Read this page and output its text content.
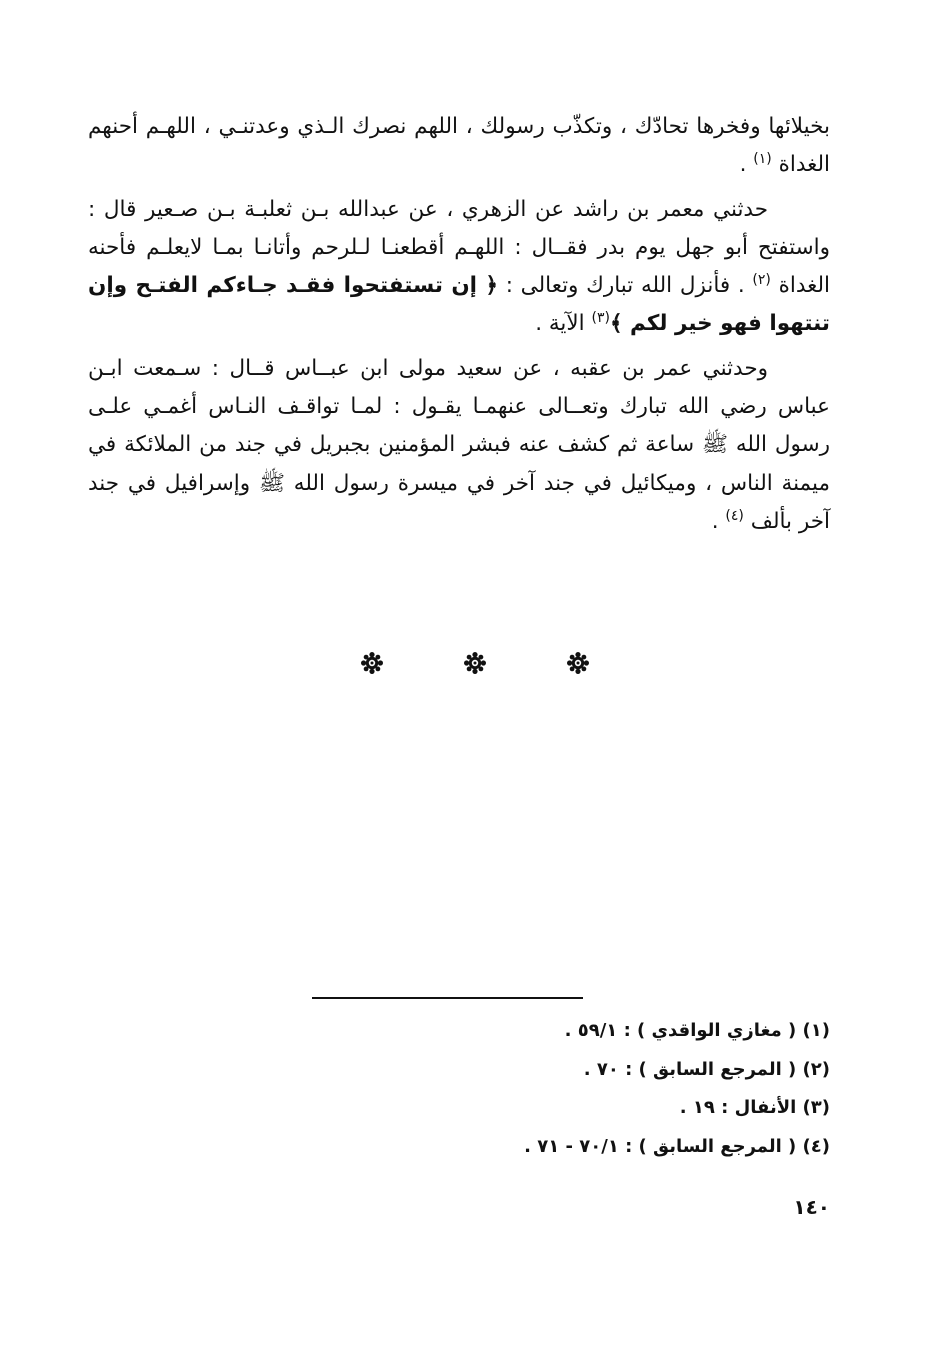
بخيلائها وفخرها تحادّك ، وتكذّب رسولك ، اللهم نصرك الـذي وعدتنـي ، اللهـم أحنهم الغداة $^{(١)}$ .

حدثني معمر بن راشد عن الزهري ، عن عبدالله بـن ثعلبـة بـن صـعير قال : واستفتح أبو جهل يوم بدر فقــال : اللهـم أقطعنـا لـلرحم وأتانـا بمـا لايعلـم فأحنه الغداة $^{(٢)}$ . فأنزل الله تبارك وتعالى : ﴿ إن تستفتحوا فقـد جـاءكم الفتـح وإن تنتهوا فهو خير لكم ﴾$^{(٣)}$ الآية .

وحدثني عمر بن عقبه ، عن سعيد مولى ابن عبــاس قــال : سـمعت ابـن عباس رضي الله تبارك وتعــالى عنهمـا يقـول : لمـا تواقـف النـاس أغمـي علـى رسول الله ﷺ ساعة ثم كشف عنه فبشر المؤمنين بجبريل في جند من الملائكة في ميمنة الناس ، وميكائيل في جند آخر في ميسرة رسول الله ﷺ وإسرافيل في جند آخر بألف $^{(٤)}$ .

(١) ( مغازي الواقدي ) : ٥٩/١ .
(٢) ( المرجع السابق ) : ٧٠ .
(٣) الأنفال : ١٩ .
(٤) ( المرجع السابق ) : ٧٠/١ - ٧١ .
١٤٠
